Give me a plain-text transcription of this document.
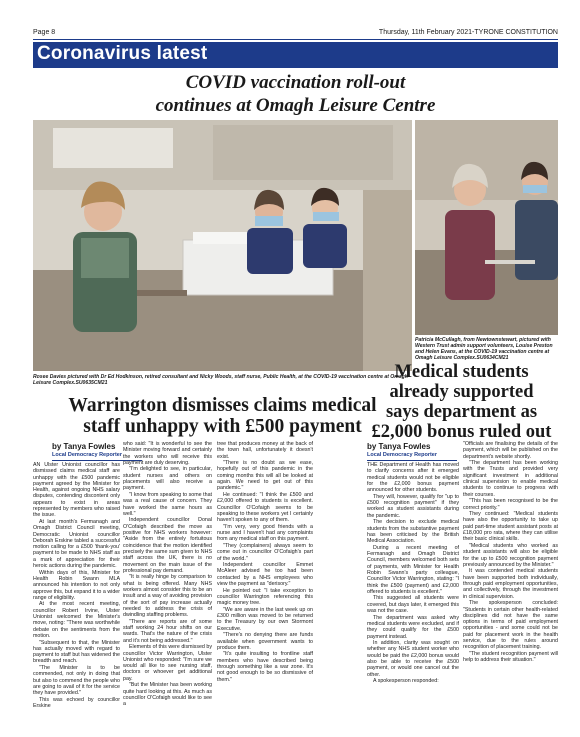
Page 8	Thursday, 11th February 2021-TYRONE CONSTITUTION
Coronavirus latest
COVID vaccination roll-out
continues at Omagh Leisure Centre
Rosee Davies pictured with Dr Ed Hodkinson, retired consultant and Nicky Woods, staff nurse, Public Health, at the COVID-19 vaccination centre at Omagh Leisure Complex.SU0635CM21
Patricia McCullagh, from Newtownstewart, pictured with Western Trust admin support volunteers, Louise Preston and Helen Evans, at the COVID-19 vaccination centre at Omagh Leisure Complex.SU0634CM21
Warrington dismisses claims medical
staff unhappy with £500 payment
Medical students
already supported
says department as
£2,000 bonus ruled out
by Tanya Fowles
Local Democracy Reporter
by Tanya Fowles
Local Democracy Reporter

AN Ulster Unionist councillor has dismissed claims medical staff are unhappy with the £500 pandemic payment agreed by the Minister for Health, against ongoing NHS salary disputes, contending discontent only appears to exist in areas represented by members who raised the issue.

At last month's Fermanagh and Omagh District Council meeting, Democratic Unionist councillor Deborah Erskine tabled a successful motion calling for a £500 'thank-you' payment to be made to NHS staff as a mark of appreciation for their heroic actions during the pandemic.

Within days of this, Minister for Health Robin Swann MLA announced his intention to not only approve this, but expand it to a wider range of eligibility.

At the most recent meeting, councillor Robert Irvine, Ulster Unionist welcomed the Minister's move, noting: "There was worthwhile debate on the sentiments from the motion.

"Subsequent to that, the Minister has actually moved with regard to payment to staff but has widened the breadth and reach.

"The Minister is to be commended, not only in doing that but also to commend the people who are going to avail of it for the service they have provided."

This was echoed by councillor Erskine

who said: "It is wonderful to see the Minister moving forward and certainly the workers who will receive this payment are duly deserving.

"I'm delighted to see, in particular, student nurses and others on placements will also receive a payment.

"I know from speaking to some that was a real cause of concern. They have worked the same hours as well."

Independent councillor Donal O'Cofaigh described the move as positive for NHS workers however: "Aside from the entirely fortuitous coincidence that the motion identified precisely the same sum given to NHS staff across the UK, there is no movement on the main issue of the professional pay demand.

"It is really hinge by comparison to what is being offered. Many NHS workers almost consider this to be an insult and a way of avoiding provision of the sort of pay increase actually needed to address the crisis of dwindling staffing problems.

"There are reports are of some staff working 24 hour shifts on our wards. That's the nature of the crisis and it's not being addressed."

Elements of this were dismissed by councillor Victor Warrington, Ulster Unionist who responded: "I'm sure we would all like to see nursing staff, doctors or whoever get additional pay.

"But the Minister has been working quite hard looking at this. As much as councillor O'Cofaigh would like to see a

tree that produces money at the back of the town hall, unfortunately it doesn't exist.

"There is no doubt as we ease, hopefully out of this pandemic in the coming months this will all be looked at again. We need to get out of this pandemic."

He continued: "I think the £500 and £2,000 offered to students is excellent. Councillor O'Cofaigh seems to be speaking to these workers yet I certainly haven't spoken to any of them.

"I'm very, very good friends with a nurse and I haven't had any complaints from any medical staff on this payment.

"They (complainers) always seem to come out in councillor O'Cofaigh's part of the world."

Independent councillor Emmet McAleer advised he too had been contacted by a NHS employees who view the payment as "derisory."

He pointed out: "I take exception to councillor Warrington referencing this magic money tree.

"We are aware in the last week up on £300 million was moved to be returned to the Treasury by our own Stormont Executive.

"There's no denying there are funds available when government wants to produce them.

"It's quite insulting to frontline staff members who have described being through something like a war zone. It's not good enough to be so dismissive of them."

THE Department of Health has moved to clarify concerns after it emerged medical students would not be eligible for the £2,000 bonus payment announced for other students.

They will, however, qualify for "up to £500 recognition payment" if they worked as student assistants during the pandemic.

The decision to exclude medical students from the substantive payment has been criticised by the British Medical Association.

During a recent meeting of Fermanagh and Omagh District Council, members welcomed both sets of payments, with Minister for Health Robin Swann's party colleague, Councillor Victor Warrington, stating: "I think the £500 (payment) and £2,000 offered to students is excellent."

This suggested all students were covered, but days later, it emerged this was not the case.

The department was asked why medical students were excluded, and if they could qualify for the £500 payment instead.

In addition, clarity was sought on whether any NHS student worker who would be paid the £2,000 bonus would also be able to receive the £500 payment, or would one cancel out the other.

A spokesperson responded:

"Officials are finalising the details of the payment, which will be published on the department's website shortly.

"The department has been working with the Trusts and provided very significant investment in additional clinical supervision to enable medical students to continue to progress with their courses.

"This has been recognised to be the correct priority."

They continued: "Medical students have also the opportunity to take up paid part-time student assistant posts at £18,000 pro rata, where they can utilise their basic clinical skills.

"Medical students who worked as student assistants will also be eligible for the up to £500 recognition payment previously announced by the Minister."

It was contended medical students have been supported both individually, through paid employment opportunities, and collectively, through the investment in clinical supervision.

The spokesperson concluded: "Students in certain other health-related disciplines did not have the same options in terms of paid employment opportunities - and some could not be paid for placement work in the health service, due to the rules around recognition of placement training.

"The student recognition payment will help to address their situation."
